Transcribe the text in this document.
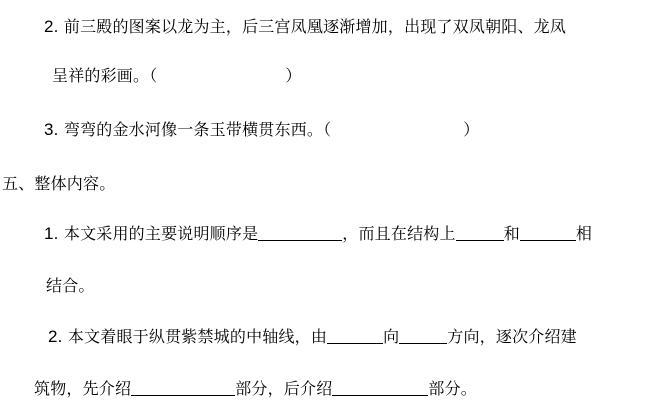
2. 前三殿的图案以龙为主，后三宫凤凰逐渐增加，出现了双凤朝阳、龙凤
呈祥的彩画。（	）
3. 弯弯的金水河像一条玉带横贯东西。（	）
五、整体内容。
1. 本文采用的主要说明顺序是	，而且在结构上	和	相
结合。
2. 本文着眼于纵贯紫禁城的中轴线，由	向	方向，逐次介绍建
筑物，先介绍	部分，后介绍	部分。
